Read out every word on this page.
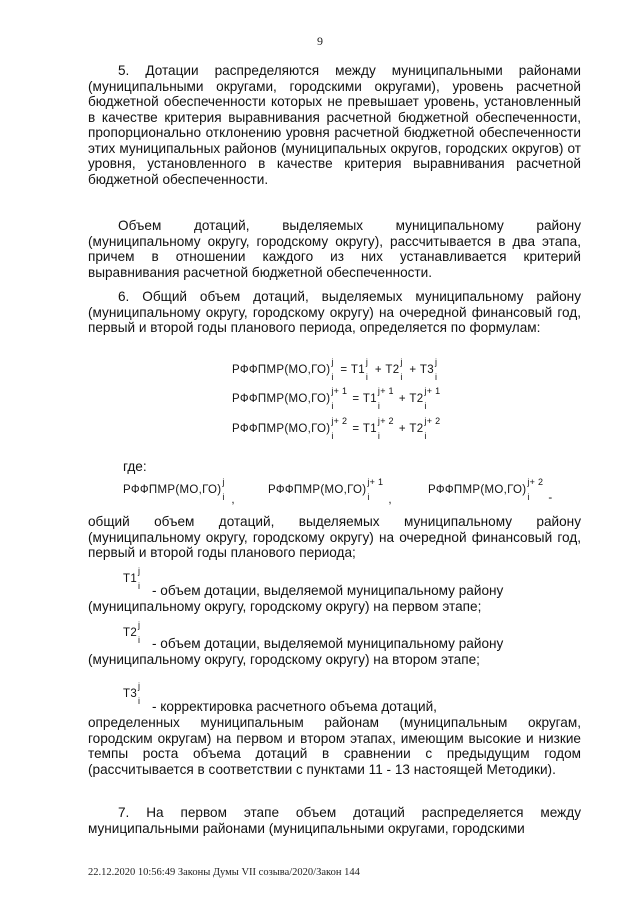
9
5. Дотации распределяются между муниципальными районами (муниципальными округами, городскими округами), уровень расчетной бюджетной обеспеченности которых не превышает уровень, установленный в качестве критерия выравнивания расчетной бюджетной обеспеченности, пропорционально отклонению уровня расчетной бюджетной обеспеченности этих муниципальных районов (муниципальных округов, городских округов) от уровня, установленного в качестве критерия выравнивания расчетной бюджетной обеспеченности.
Объем дотаций, выделяемых муниципальному району (муниципальному округу, городскому округу), рассчитывается в два этапа, причем в отношении каждого из них устанавливается критерий выравнивания расчетной бюджетной обеспеченности.
6. Общий объем дотаций, выделяемых муниципальному району (муниципальному округу, городскому округу) на очередной финансовый год, первый и второй годы планового периода, определяется по формулам:
РФФПМР(МО,ГО)
j
i
= Т1
j
i
+ Т2
j
i
+ Т3
j
i
РФФПМР(МО,ГО)
j+ 1
i
= Т1
j+ 1
i
+ Т2
j+ 1
i
РФФПМР(МО,ГО)
j+ 2
i
= Т1
j+ 2
i
+ Т2
j+ 2
i
где:
РФФПМР(МО,ГО)
j
i ,
РФФПМР(МО,ГО)
j+ 1
i ,
РФФПМР(МО,ГО)
j+ 2
i -
общий объем дотаций, выделяемых муниципальному району (муниципальному округу, городскому округу) на очередной финансовый год, первый и второй годы планового периода;
Т1
j
i - объем дотации, выделяемой муниципальному району
(муниципальному округу, городскому округу) на первом этапе;
Т2
j
i - объем дотации, выделяемой муниципальному району
(муниципальному округу, городскому округу) на втором этапе;
Т3
j
i - корректировка расчетного объема дотаций,
определенных муниципальным районам (муниципальным округам, городским округам) на первом и втором этапах, имеющим высокие и низкие темпы роста объема дотаций в сравнении с предыдущим годом (рассчитывается в соответствии с пунктами 11 - 13 настоящей Методики).
7. На первом этапе объем дотаций распределяется между муниципальными районами (муниципальными округами, городскими
22.12.2020 10:56:49 Законы Думы VII созыва/2020/Закон 144
